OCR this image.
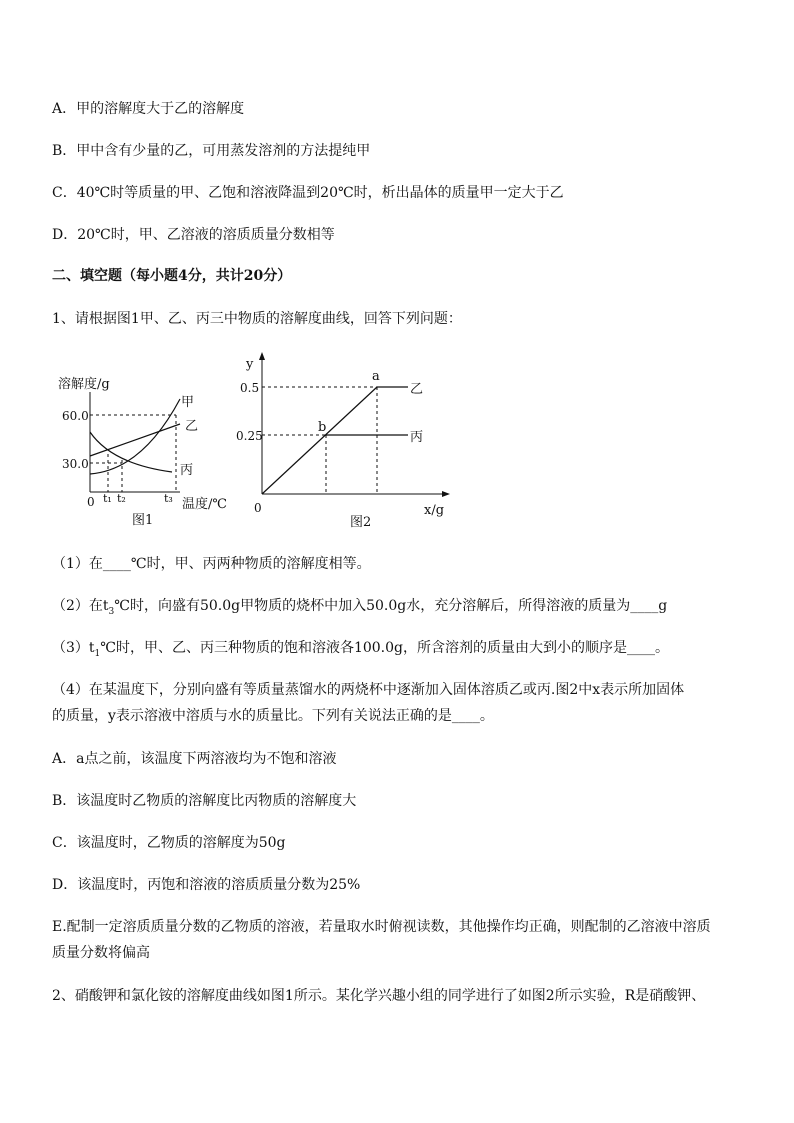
A．甲的溶解度大于乙的溶解度
B．甲中含有少量的乙，可用蒸发溶剂的方法提纯甲
C．40℃时等质量的甲、乙饱和溶液降温到20℃时，析出晶体的质量甲一定大于乙
D．20℃时，甲、乙溶液的溶质质量分数相等
二、填空题（每小题4分，共计20分）
1、请根据图1甲、乙、丙三中物质的溶解度曲线，回答下列问题：
溶解度/g
60.0
30.0
0 t₁ t₂	t₃
甲
乙
丙
温度/℃
图1
y
0.5
0.25
a
b
乙
丙
0	x/g
图2
（1）在____℃时，甲、丙两种物质的溶解度相等。
（2）在$t_3℃$时，向盛有50.0g甲物质的烧杯中加入50.0g水，充分溶解后，所得溶液的质量为____g
$(3)t_1℃$时，甲、乙、丙三种物质的饱和溶液各100.0g，所含溶剂的质量由大到小的顺序是____。
（4）在某温度下，分别向盛有等质量蒸馏水的两烧杯中逐渐加入固体溶质乙或丙.图2中x表示所加固体
的质量，y表示溶液中溶质与水的质量比。下列有关说法正确的是____。
A．a点之前，该温度下两溶液均为不饱和溶液
B．该温度时乙物质的溶解度比丙物质的溶解度大
C．该温度时，乙物质的溶解度为50g
D．该温度时，丙饱和溶液的溶质质量分数为25%
E.配制一定溶质质量分数的乙物质的溶液，若量取水时俯视读数，其他操作均正确，则配制的乙溶液中溶质
质量分数将偏高
2、硝酸钾和氯化铵的溶解度曲线如图1所示。某化学兴趣小组的同学进行了如图2所示实验，R是硝酸钾、
